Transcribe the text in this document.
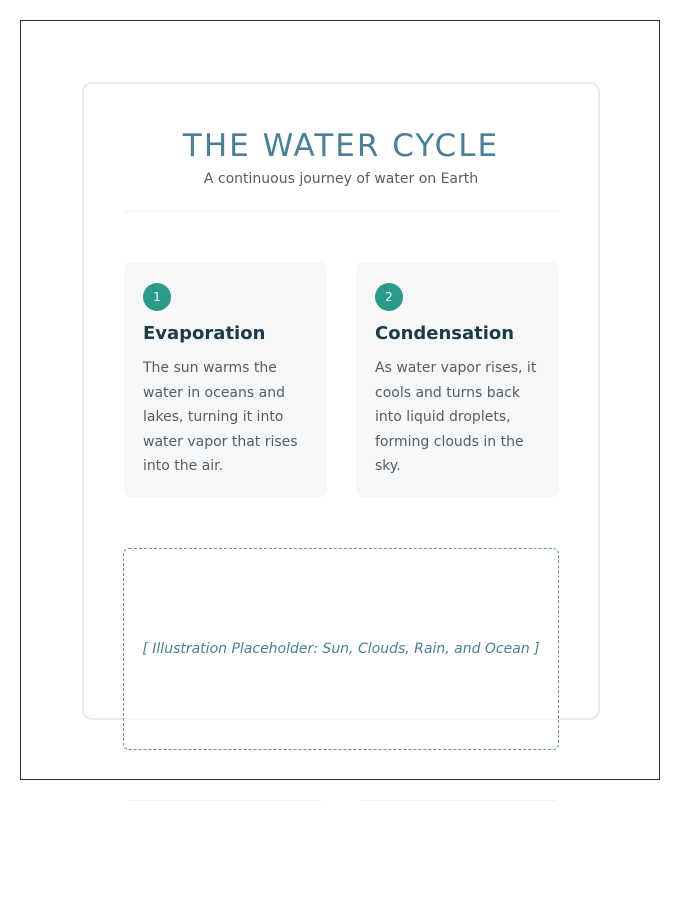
THE WATER CYCLE

A continuous journey of water on Earth

1
Evaporation

The sun warms the water in oceans and lakes, turning it into water vapor that rises into the air.

2
Condensation

As water vapor rises, it cools and turns back into liquid droplets, forming clouds in the sky.

[ Illustration Placeholder: Sun, Clouds, Rain, and Ocean ]
